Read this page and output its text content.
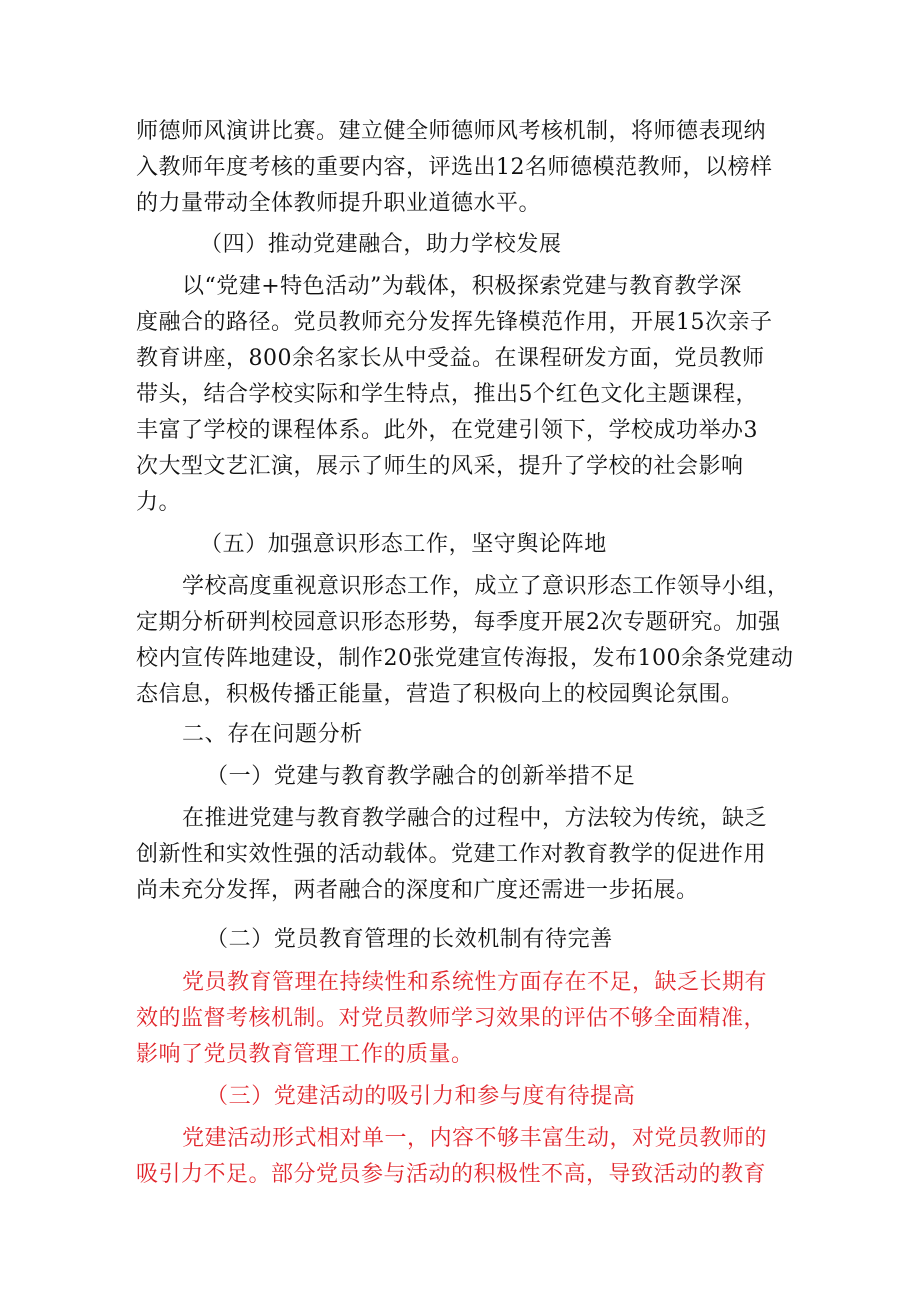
师德师风演讲比赛。建立健全师德师风考核机制，将师德表现纳
入教师年度考核的重要内容，评选出12名师德模范教师，以榜样
的力量带动全体教师提升职业道德水平。
（四）推动党建融合，助力学校发展
以“党建+特色活动”为载体，积极探索党建与教育教学深
度融合的路径。党员教师充分发挥先锋模范作用，开展15次亲子
教育讲座，800余名家长从中受益。在课程研发方面，党员教师
带头，结合学校实际和学生特点，推出5个红色文化主题课程，
丰富了学校的课程体系。此外，在党建引领下，学校成功举办3
次大型文艺汇演，展示了师生的风采，提升了学校的社会影响
力。
（五）加强意识形态工作，坚守舆论阵地
学校高度重视意识形态工作，成立了意识形态工作领导小组，
定期分析研判校园意识形态形势，每季度开展2次专题研究。加强
校内宣传阵地建设，制作20张党建宣传海报，发布100余条党建动
态信息，积极传播正能量，营造了积极向上的校园舆论氛围。
二、存在问题分析
（一）党建与教育教学融合的创新举措不足
在推进党建与教育教学融合的过程中，方法较为传统，缺乏
创新性和实效性强的活动载体。党建工作对教育教学的促进作用
尚未充分发挥，两者融合的深度和广度还需进一步拓展。
（二）党员教育管理的长效机制有待完善
党员教育管理在持续性和系统性方面存在不足，缺乏长期有
效的监督考核机制。对党员教师学习效果的评估不够全面精准，
影响了党员教育管理工作的质量。
（三）党建活动的吸引力和参与度有待提高
党建活动形式相对单一，内容不够丰富生动，对党员教师的
吸引力不足。部分党员参与活动的积极性不高，导致活动的教育
